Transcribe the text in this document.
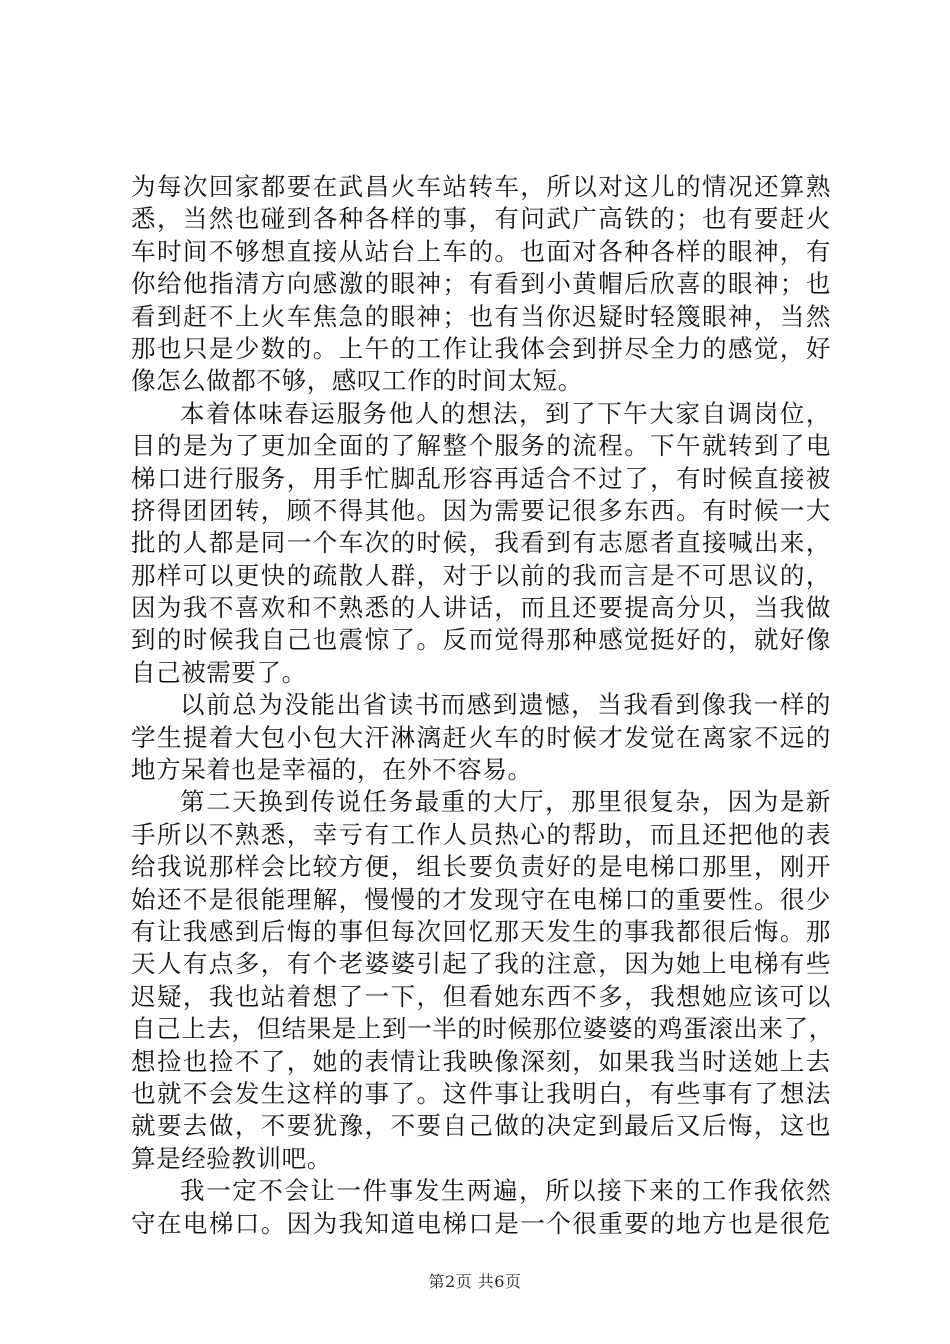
为每次回家都要在武昌火车站转车，所以对这儿的情况还算熟
悉，当然也碰到各种各样的事，有问武广高铁的；也有要赶火
车时间不够想直接从站台上车的。也面对各种各样的眼神，有
你给他指清方向感激的眼神；有看到小黄帽后欣喜的眼神；也
看到赶不上火车焦急的眼神；也有当你迟疑时轻篾眼神，当然
那也只是少数的。上午的工作让我体会到拼尽全力的感觉，好
像怎么做都不够，感叹工作的时间太短。
本着体味春运服务他人的想法，到了下午大家自调岗位，
目的是为了更加全面的了解整个服务的流程。下午就转到了电
梯口进行服务，用手忙脚乱形容再适合不过了，有时候直接被
挤得团团转，顾不得其他。因为需要记很多东西。有时候一大
批的人都是同一个车次的时候，我看到有志愿者直接喊出来，
那样可以更快的疏散人群，对于以前的我而言是不可思议的，
因为我不喜欢和不熟悉的人讲话，而且还要提高分贝，当我做
到的时候我自己也震惊了。反而觉得那种感觉挺好的，就好像
自己被需要了。
以前总为没能出省读书而感到遗憾，当我看到像我一样的
学生提着大包小包大汗淋漓赶火车的时候才发觉在离家不远的
地方呆着也是幸福的，在外不容易。
第二天换到传说任务最重的大厅，那里很复杂，因为是新
手所以不熟悉，幸亏有工作人员热心的帮助，而且还把他的表
给我说那样会比较方便，组长要负责好的是电梯口那里，刚开
始还不是很能理解，慢慢的才发现守在电梯口的重要性。很少
有让我感到后悔的事但每次回忆那天发生的事我都很后悔。那
天人有点多，有个老婆婆引起了我的注意，因为她上电梯有些
迟疑，我也站着想了一下，但看她东西不多，我想她应该可以
自己上去，但结果是上到一半的时候那位婆婆的鸡蛋滚出来了，
想捡也捡不了，她的表情让我映像深刻，如果我当时送她上去
也就不会发生这样的事了。这件事让我明白，有些事有了想法
就要去做，不要犹豫，不要自己做的决定到最后又后悔，这也
算是经验教训吧。
我一定不会让一件事发生两遍，所以接下来的工作我依然
守在电梯口。因为我知道电梯口是一个很重要的地方也是很危
第2页 共6页
